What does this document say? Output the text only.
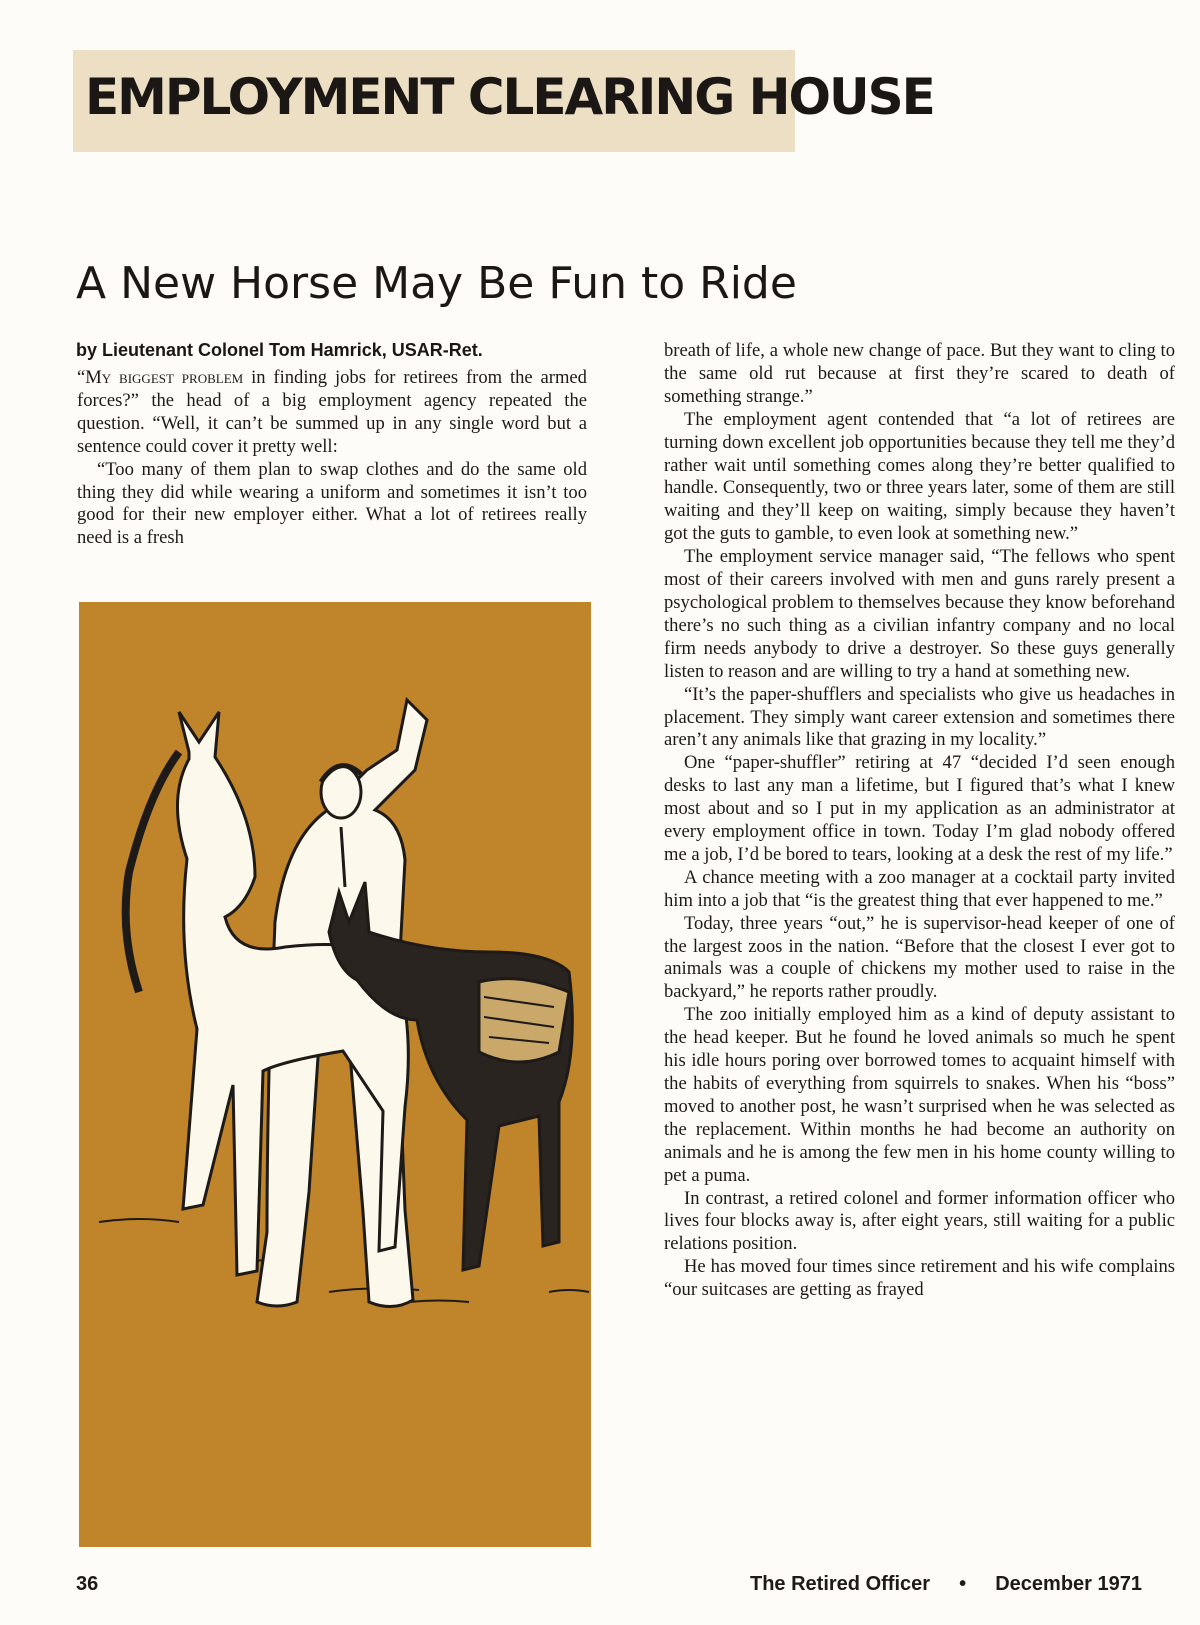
EMPLOYMENT CLEARING HOUSE
A New Horse May Be Fun to Ride
by Lieutenant Colonel Tom Hamrick, USAR-Ret.

“My biggest problem in finding jobs for retirees from the armed forces?” the head of a big employment agency repeated the question. “Well, it can’t be summed up in any single word but a sentence could cover it pretty well:

“Too many of them plan to swap clothes and do the same old thing they did while wearing a uniform and sometimes it isn’t too good for their new employer either. What a lot of retirees really need is a fresh

breath of life, a whole new change of pace. But they want to cling to the same old rut because at first they’re scared to death of something strange.”

The employment agent contended that “a lot of retirees are turning down excellent job opportunities because they tell me they’d rather wait until something comes along they’re better qualified to handle. Consequently, two or three years later, some of them are still waiting and they’ll keep on waiting, simply because they haven’t got the guts to gamble, to even look at something new.”

The employment service manager said, “The fellows who spent most of their careers involved with men and guns rarely present a psychological problem to themselves because they know beforehand there’s no such thing as a civilian infantry company and no local firm needs anybody to drive a destroyer. So these guys generally listen to reason and are willing to try a hand at something new.

“It’s the paper-shufflers and specialists who give us headaches in placement. They simply want career extension and sometimes there aren’t any animals like that grazing in my locality.”

One “paper-shuffler” retiring at 47 “decided I’d seen enough desks to last any man a lifetime, but I figured that’s what I knew most about and so I put in my application as an administrator at every employment office in town. Today I’m glad nobody offered me a job, I’d be bored to tears, looking at a desk the rest of my life.”

A chance meeting with a zoo manager at a cocktail party invited him into a job that “is the greatest thing that ever happened to me.”

Today, three years “out,” he is supervisor-head keeper of one of the largest zoos in the nation. “Before that the closest I ever got to animals was a couple of chickens my mother used to raise in the backyard,” he reports rather proudly.

The zoo initially employed him as a kind of deputy assistant to the head keeper. But he found he loved animals so much he spent his idle hours poring over borrowed tomes to acquaint himself with the habits of everything from squirrels to snakes. When his “boss” moved to another post, he wasn’t surprised when he was selected as the replacement. Within months he had become an authority on animals and he is among the few men in his home county willing to pet a puma.

In contrast, a retired colonel and former information officer who lives four blocks away is, after eight years, still waiting for a public relations position.

He has moved four times since retirement and his wife complains “our suitcases are getting as frayed

36	The Retired Officer • December 1971
